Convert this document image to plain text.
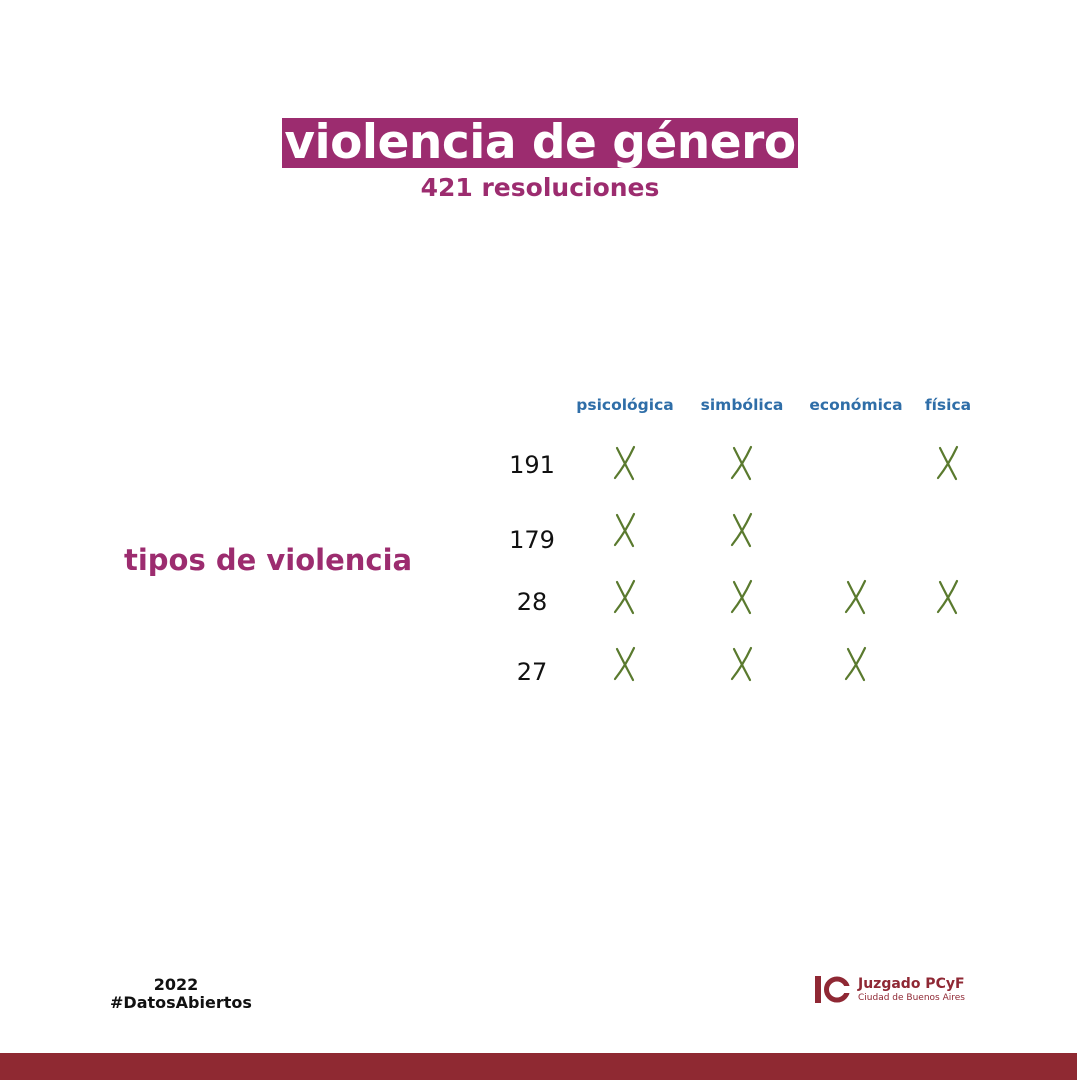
violencia de género
421 resoluciones
tipos de violencia
psicológica simbólica económica física
191
179
28
27
2022
#DatosAbiertos
Juzgado PCyF
Ciudad de Buenos Aires
